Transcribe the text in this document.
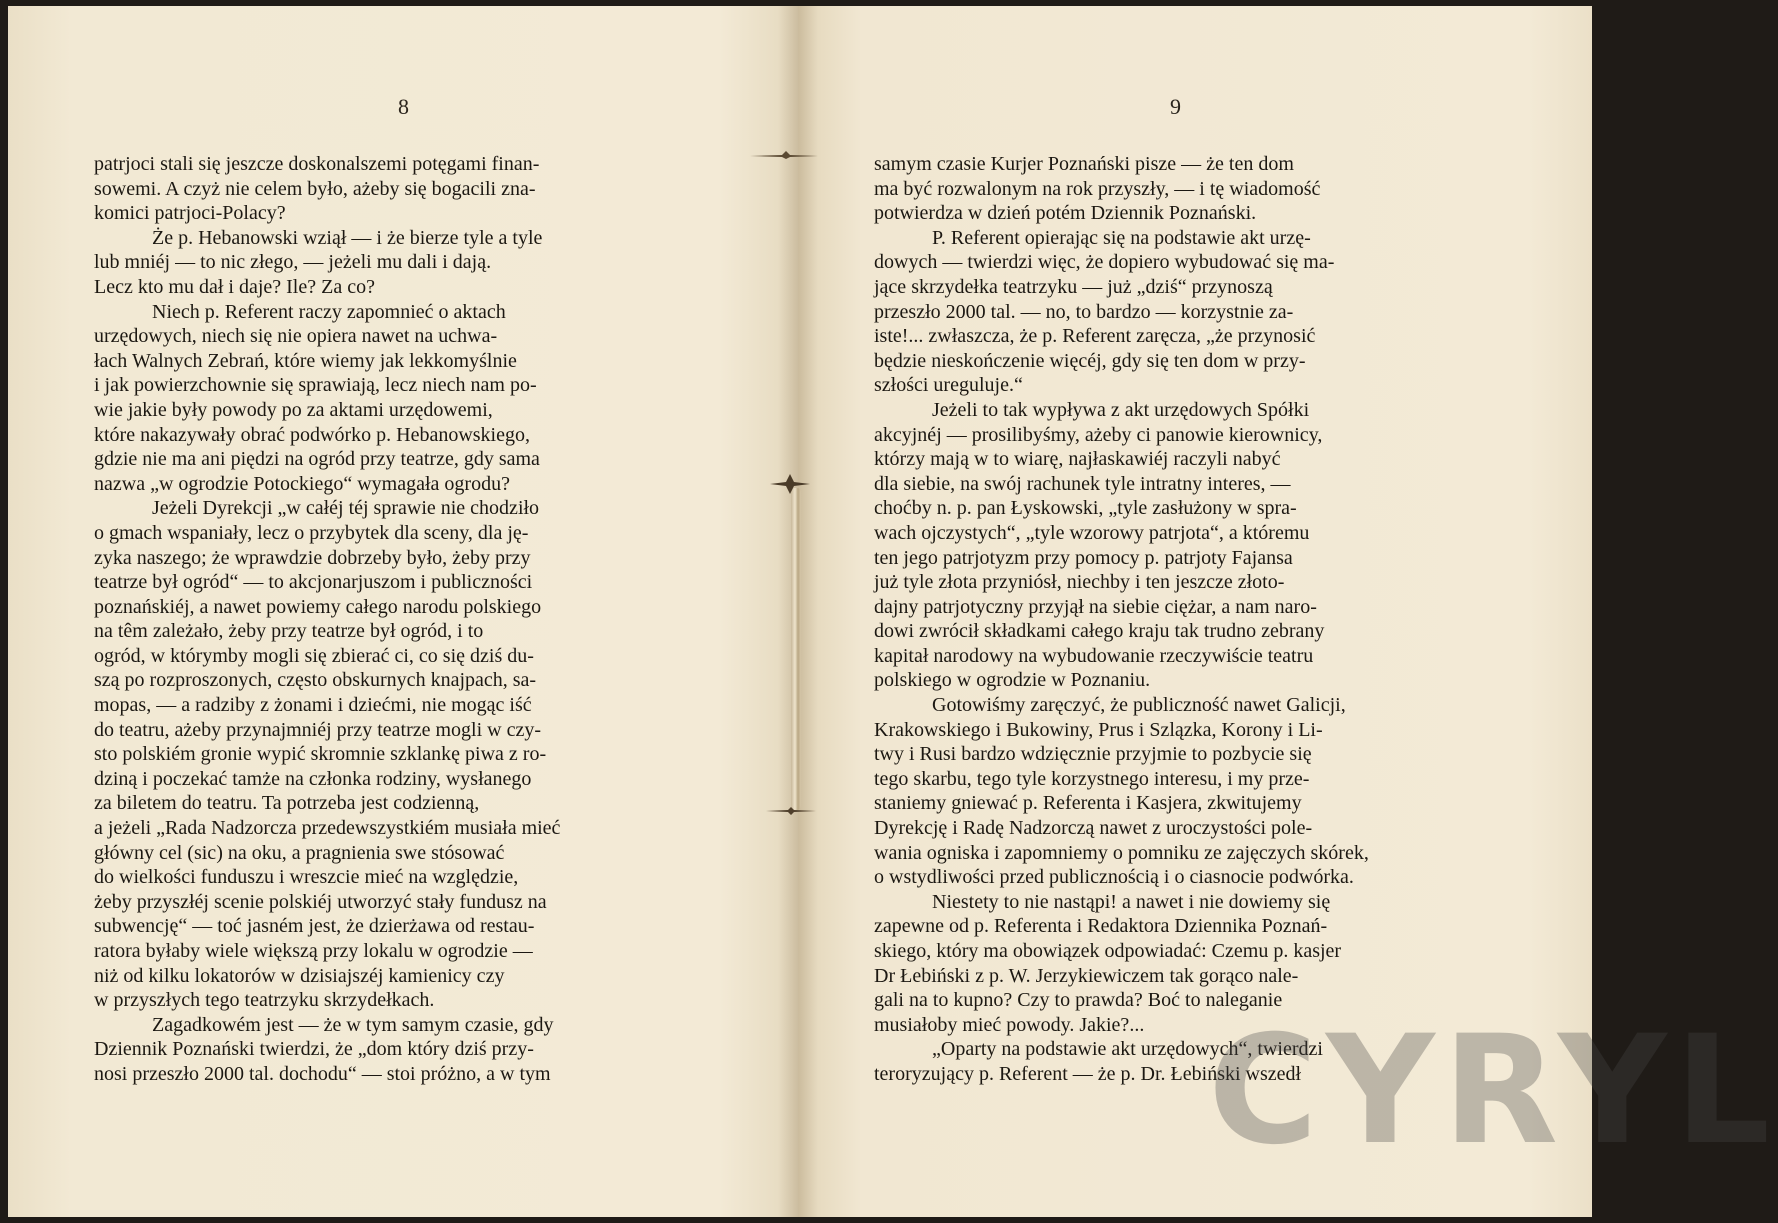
8

patrjoci stali się jeszcze doskonalszemi potęgami finan-

sowemi. A czyż nie celem było, ażeby się bogacili zna-

komici patrjoci-Polacy?

Że p. Hebanowski wziął — i że bierze tyle a tyle

lub mniéj — to nic złego, — jeżeli mu dali i dają.

Lecz kto mu dał i daje? Ile? Za co?

Niech p. Referent raczy zapomnieć o aktach

urzędowych, niech się nie opiera nawet na uchwa-

łach Walnych Zebrań, które wiemy jak lekkomyślnie

i jak powierzchownie się sprawiają, lecz niech nam po-

wie jakie były powody po za aktami urzędowemi,

które nakazywały obrać podwórko p. Hebanowskiego,

gdzie nie ma ani piędzi na ogród przy teatrze, gdy sama

nazwa „w ogrodzie Potockiego“ wymagała ogrodu?

Jeżeli Dyrekcji „w całéj téj sprawie nie chodziło

o gmach wspaniały, lecz o przybytek dla sceny, dla ję-

zyka naszego; że wprawdzie dobrzeby było, żeby przy

teatrze był ogród“ — to akcjonarjuszom i publiczności

poznańskiéj, a nawet powiemy całego narodu polskiego

na têm zależało, żeby przy teatrze był ogród, i to

ogród, w którymby mogli się zbierać ci, co się dziś du-

szą po rozproszonych, często obskurnych knajpach, sa-

mopas, — a radziby z żonami i dziećmi, nie mogąc iść

do teatru, ażeby przynajmniéj przy teatrze mogli w czy-

sto polskiém gronie wypić skromnie szklankę piwa z ro-

dziną i poczekać tamże na członka rodziny, wysłanego

za biletem do teatru. Ta potrzeba jest codzienną,

a jeżeli „Rada Nadzorcza przedewszystkiém musiała mieć

główny cel (sic) na oku, a pragnienia swe stósować

do wielkości funduszu i wreszcie mieć na względzie,

żeby przyszłéj scenie polskiéj utworzyć stały fundusz na

subwencję“ — toć jasném jest, że dzierżawa od restau-

ratora byłaby wiele większą przy lokalu w ogrodzie —

niż od kilku lokatorów w dzisiajszéj kamienicy czy

w przyszłych tego teatrzyku skrzydełkach.

Zagadkowém jest — że w tym samym czasie, gdy

Dziennik Poznański twierdzi, że „dom który dziś przy-

nosi przeszło 2000 tal. dochodu“ — stoi próżno, a w tym

9

samym czasie Kurjer Poznański pisze — że ten dom

ma być rozwalonym na rok przyszły, — i tę wiadomość

potwierdza w dzień potém Dziennik Poznański.

P. Referent opierając się na podstawie akt urzę-

dowych — twierdzi więc, że dopiero wybudować się ma-

jące skrzydełka teatrzyku — już „dziś“ przynoszą

przeszło 2000 tal. — no, to bardzo — korzystnie za-

iste!... zwłaszcza, że p. Referent zaręcza, „że przynosić

będzie nieskończenie więcéj, gdy się ten dom w przy-

szłości ureguluje.“

Jeżeli to tak wypływa z akt urzędowych Spółki

akcyjnéj — prosilibyśmy, ażeby ci panowie kierownicy,

którzy mają w to wiarę, najłaskawiéj raczyli nabyć

dla siebie, na swój rachunek tyle intratny interes, —

choćby n. p. pan Łyskowski, „tyle zasłużony w spra-

wach ojczystych“, „tyle wzorowy patrjota“, a któremu

ten jego patrjotyzm przy pomocy p. patrjoty Fajansa

już tyle złota przyniósł, niechby i ten jeszcze złoto-

dajny patrjotyczny przyjął na siebie ciężar, a nam naro-

dowi zwrócił składkami całego kraju tak trudno zebrany

kapitał narodowy na wybudowanie rzeczywiście teatru

polskiego w ogrodzie w Poznaniu.

Gotowiśmy zaręczyć, że publiczność nawet Galicji,

Krakowskiego i Bukowiny, Prus i Szlązka, Korony i Li-

twy i Rusi bardzo wdzięcznie przyjmie to pozbycie się

tego skarbu, tego tyle korzystnego interesu, i my prze-

staniemy gniewać p. Referenta i Kasjera, zkwitujemy

Dyrekcję i Radę Nadzorczą nawet z uroczystości pole-

wania ogniska i zapomniemy o pomniku ze zajęczych skórek,

o wstydliwości przed publicznością i o ciasnocie podwórka.

Niestety to nie nastąpi! a nawet i nie dowiemy się

zapewne od p. Referenta i Redaktora Dziennika Poznań-

skiego, który ma obowiązek odpowiadać: Czemu p. kasjer

Dr Łebiński z p. W. Jerzykiewiczem tak gorąco nale-

gali na to kupno? Czy to prawda? Boć to naleganie

musiałoby mieć powody. Jakie?...

„Oparty na podstawie akt urzędowych“, twierdzi

teroryzujący p. Referent — że p. Dr. Łebiński wszedł

CYRYL
